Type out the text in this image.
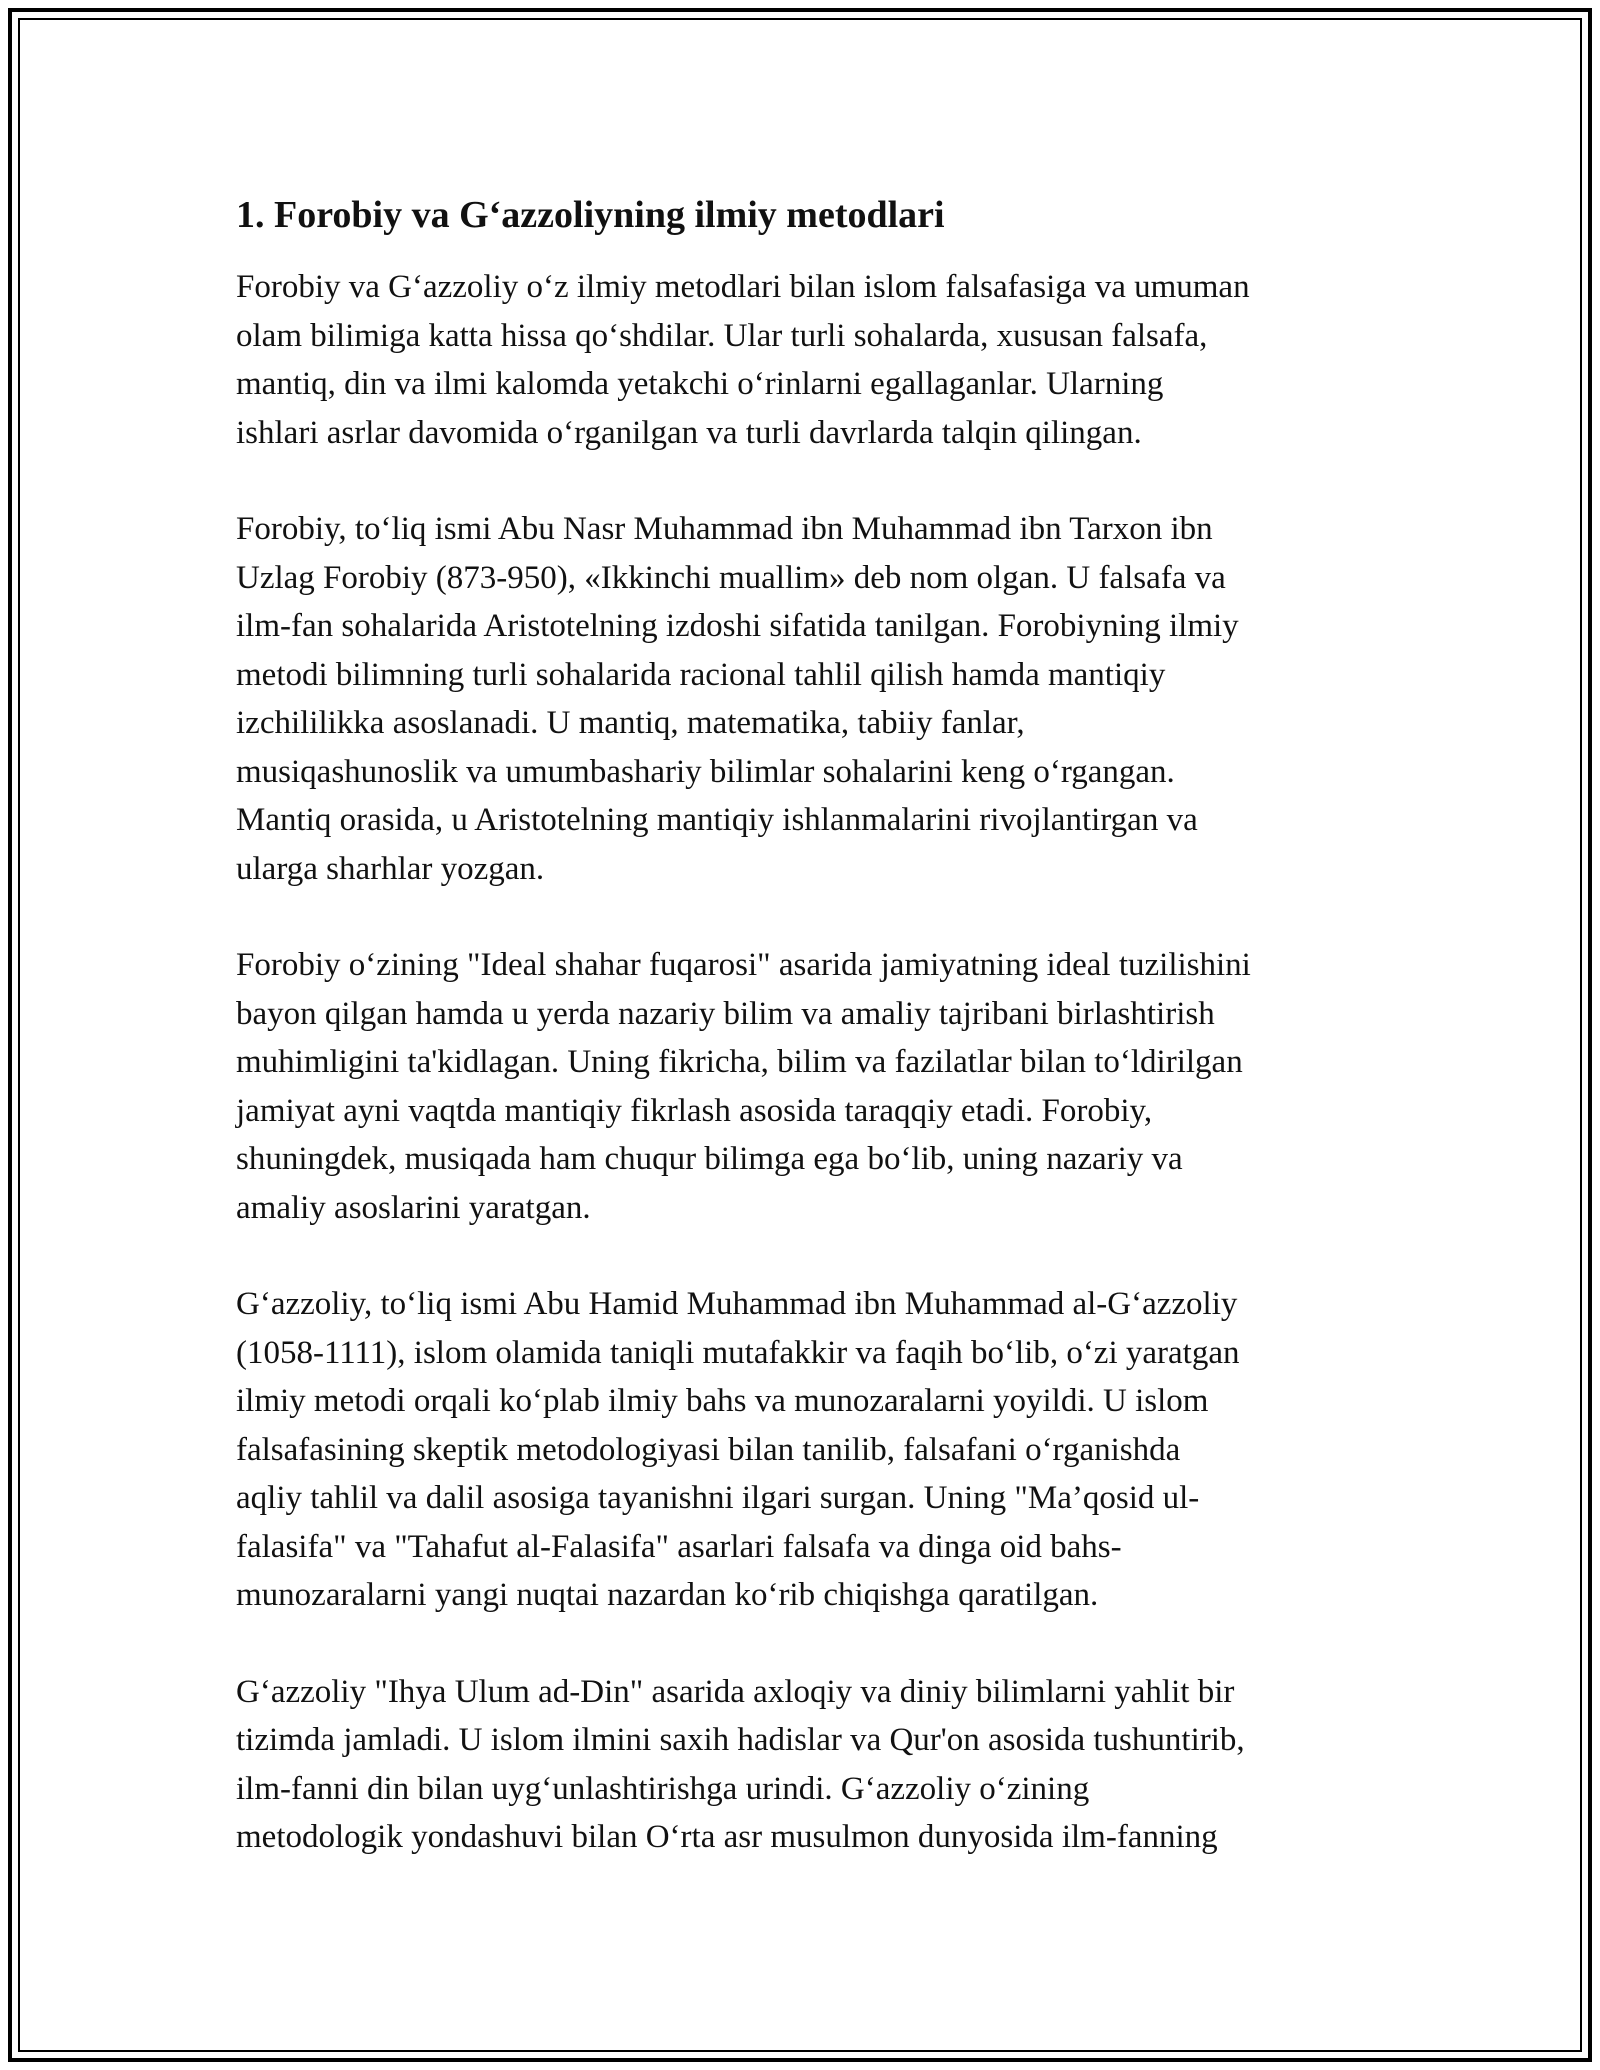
1. Forobiy va G‘azzoliyning ilmiy metodlari
Forobiy va G‘azzoliy o‘z ilmiy metodlari bilan islom falsafasiga va umuman
olam bilimiga katta hissa qo‘shdilar. Ular turli sohalarda, xususan falsafa,
mantiq, din va ilmi kalomda yetakchi o‘rinlarni egallaganlar. Ularning
ishlari asrlar davomida o‘rganilgan va turli davrlarda talqin qilingan.
Forobiy, to‘liq ismi Abu Nasr Muhammad ibn Muhammad ibn Tarxon ibn
Uzlag Forobiy (873-950), «Ikkinchi muallim» deb nom olgan. U falsafa va
ilm-fan sohalarida Aristotelning izdoshi sifatida tanilgan. Forobiyning ilmiy
metodi bilimning turli sohalarida racional tahlil qilish hamda mantiqiy
izchililikka asoslanadi. U mantiq, matematika, tabiiy fanlar,
musiqashunoslik va umumbashariy bilimlar sohalarini keng o‘rgangan.
Mantiq orasida, u Aristotelning mantiqiy ishlanmalarini rivojlantirgan va
ularga sharhlar yozgan.
Forobiy o‘zining "Ideal shahar fuqarosi" asarida jamiyatning ideal tuzilishini
bayon qilgan hamda u yerda nazariy bilim va amaliy tajribani birlashtirish
muhimligini ta'kidlagan. Uning fikricha, bilim va fazilatlar bilan to‘ldirilgan
jamiyat ayni vaqtda mantiqiy fikrlash asosida taraqqiy etadi. Forobiy,
shuningdek, musiqada ham chuqur bilimga ega bo‘lib, uning nazariy va
amaliy asoslarini yaratgan.
G‘azzoliy, to‘liq ismi Abu Hamid Muhammad ibn Muhammad al-G‘azzoliy
(1058-1111), islom olamida taniqli mutafakkir va faqih bo‘lib, o‘zi yaratgan
ilmiy metodi orqali ko‘plab ilmiy bahs va munozaralarni yoyildi. U islom
falsafasining skeptik metodologiyasi bilan tanilib, falsafani o‘rganishda
aqliy tahlil va dalil asosiga tayanishni ilgari surgan. Uning "Ma’qosid ul-
falasifa" va "Tahafut al-Falasifa" asarlari falsafa va dinga oid bahs-
munozaralarni yangi nuqtai nazardan ko‘rib chiqishga qaratilgan.
G‘azzoliy "Ihya Ulum ad-Din" asarida axloqiy va diniy bilimlarni yahlit bir
tizimda jamladi. U islom ilmini saxih hadislar va Qur'on asosida tushuntirib,
ilm-fanni din bilan uyg‘unlashtirishga urindi. G‘azzoliy o‘zining
metodologik yondashuvi bilan O‘rta asr musulmon dunyosida ilm-fanning
